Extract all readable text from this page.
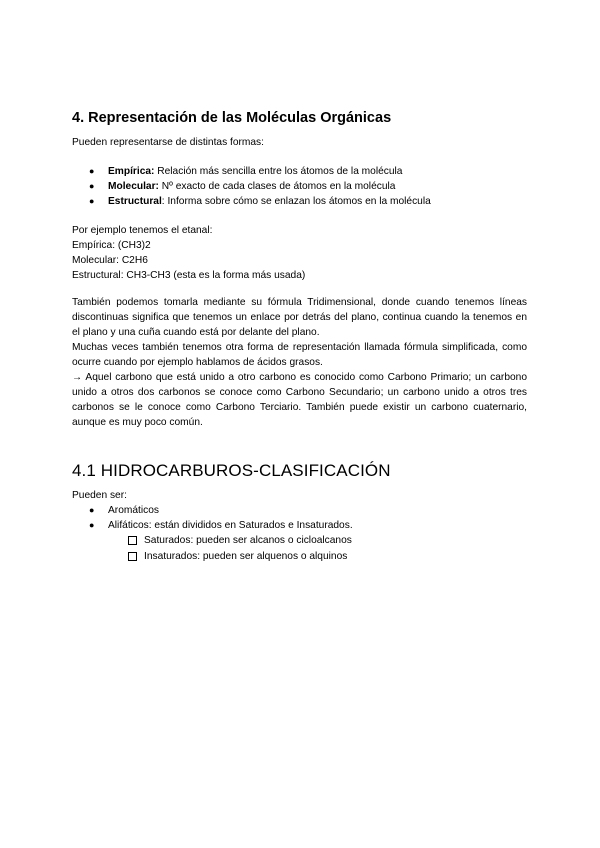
4. Representación de las Moléculas Orgánicas

Pueden representarse de distintas formas:

● Empírica: Relación más sencilla entre los átomos de la molécula
● Molecular: Nº exacto de cada clases de átomos en la molécula
● Estructural: Informa sobre cómo se enlazan los átomos en la molécula

Por ejemplo tenemos el etanal:

Empírica: (CH3)2

Molecular: C2H6

Estructural: CH3-CH3 (esta es la forma más usada)

También podemos tomarla mediante su fórmula Tridimensional, donde cuando tenemos líneas discontinuas significa que tenemos un enlace por detrás del plano, continua cuando la tenemos en el plano y una cuña cuando está por delante del plano.

Muchas veces también tenemos otra forma de representación llamada fórmula simplificada, como ocurre cuando por ejemplo hablamos de ácidos grasos.

→ Aquel carbono que está unido a otro carbono es conocido como Carbono Primario; un carbono unido a otros dos carbonos se conoce como Carbono Secundario; un carbono unido a otros tres carbonos se le conoce como Carbono Terciario. También puede existir un carbono cuaternario, aunque es muy poco común.

4.1 HIDROCARBUROS-CLASIFICACIÓN

Pueden ser:

● Aromáticos
● Alifáticos: están divididos en Saturados e Insaturados.
Saturados: pueden ser alcanos o cicloalcanos
Insaturados: pueden ser alquenos o alquinos
